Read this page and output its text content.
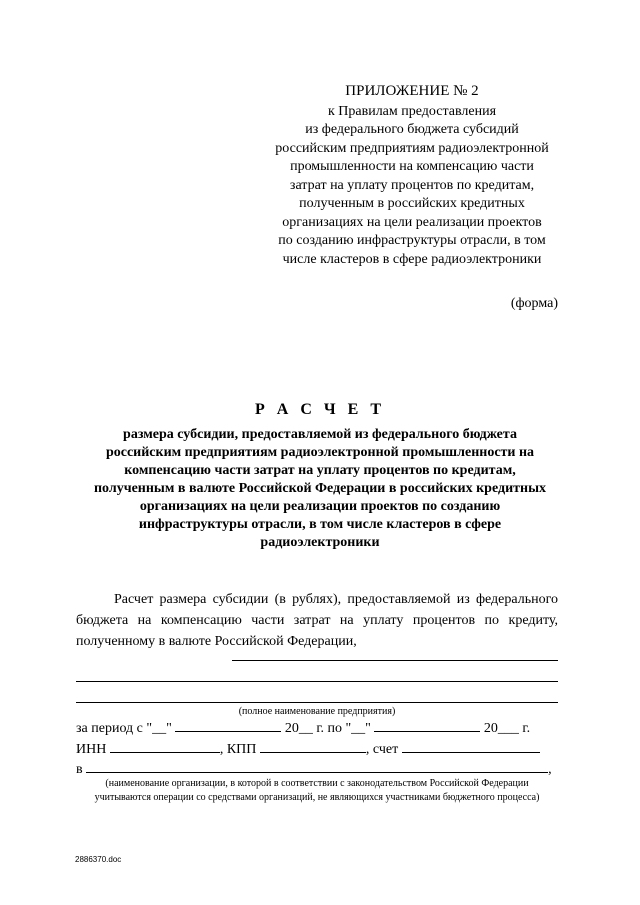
ПРИЛОЖЕНИЕ № 2
к Правилам предоставления
из федерального бюджета субсидий
российским предприятиям радиоэлектронной
промышленности на компенсацию части
затрат на уплату процентов по кредитам,
полученным в российских кредитных
организациях на цели реализации проектов
по созданию инфраструктуры отрасли, в том
числе кластеров в сфере радиоэлектроники
(форма)
Р А С Ч Е Т
размера субсидии, предоставляемой из федерального бюджета
российским предприятиям радиоэлектронной промышленности на
компенсацию части затрат на уплату процентов по кредитам,
полученным в валюте Российской Федерации в российских кредитных
организациях на цели реализации проектов по созданию
инфраструктуры отрасли, в том числе кластеров в сфере
радиоэлектроники
Расчет размера субсидии (в рублях), предоставляемой из федерального бюджета на компенсацию части затрат на уплату процентов по кредиту, полученному в валюте Российской Федерации,
(полное наименование предприятия)
за период с "__"	20__ г. по "__"	20___ г.
ИНН	, КПП	, счет
в	,
(наименование организации, в которой в соответствии с законодательством Российской Федерации
учитываются операции со средствами организаций, не являющихся участниками бюджетного процесса)
2886370.doc
